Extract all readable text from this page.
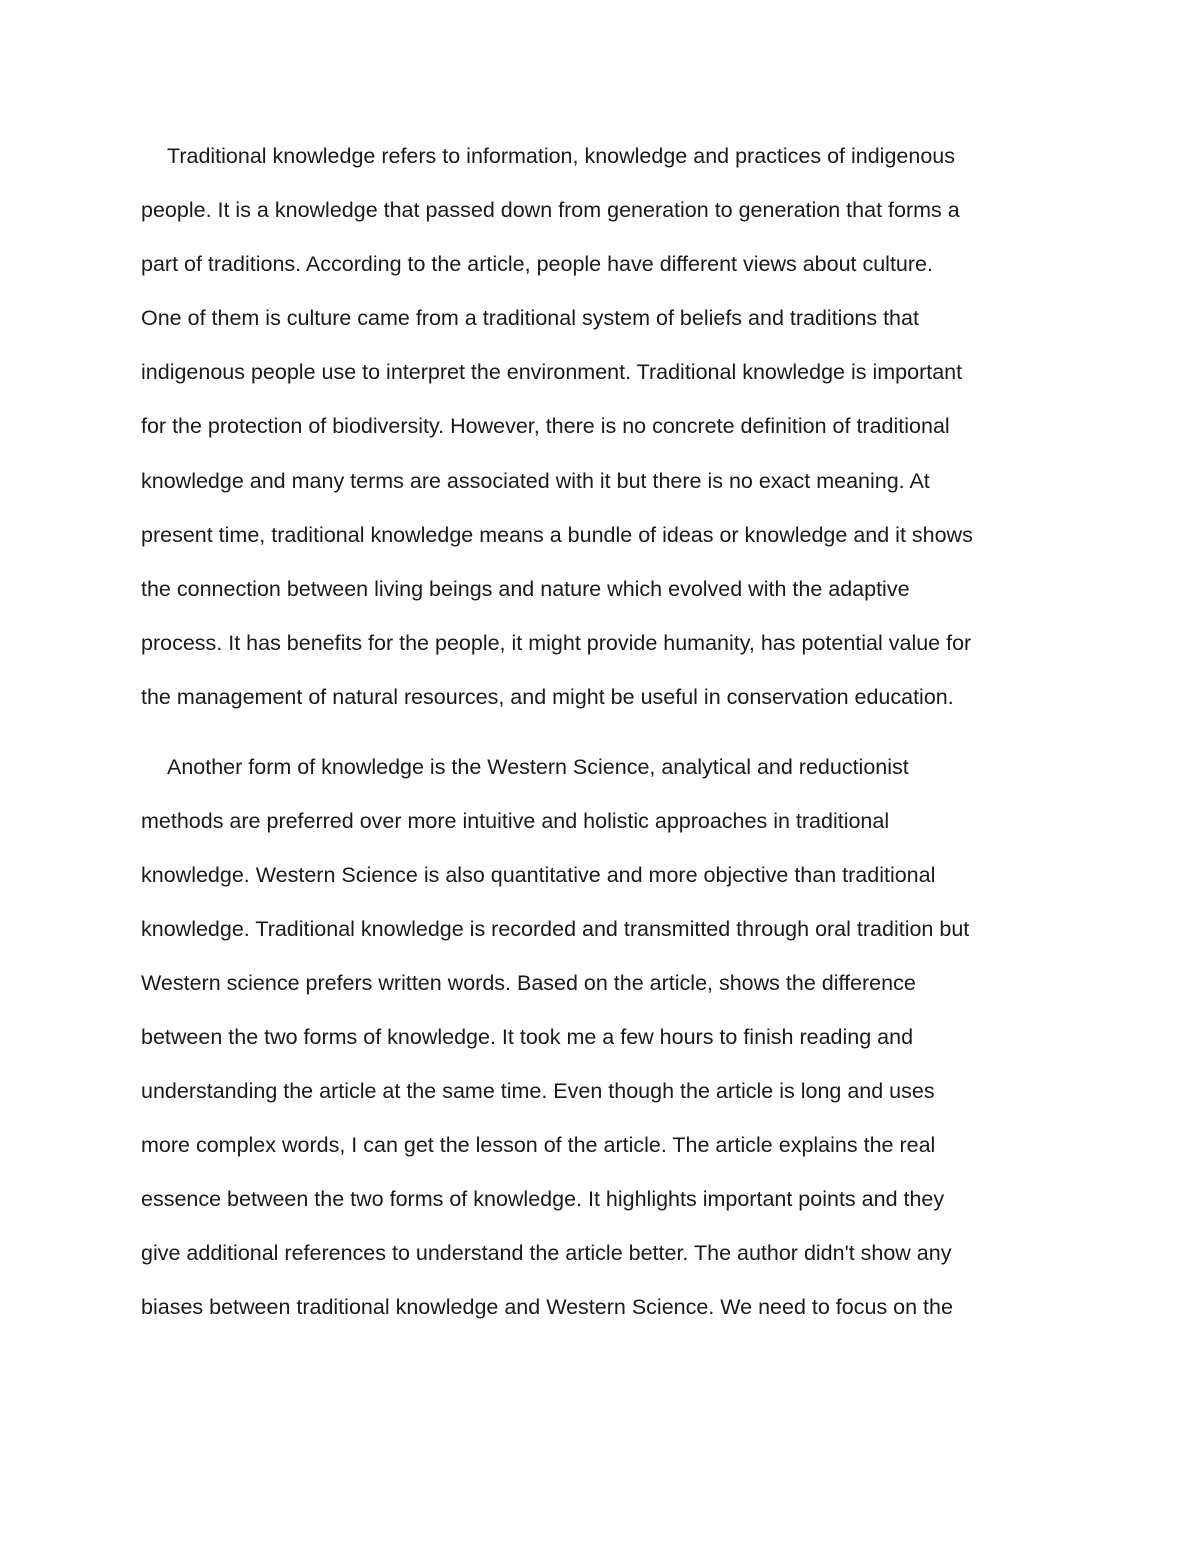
Traditional knowledge refers to information, knowledge and practices of indigenous
people. It is a knowledge that passed down from generation to generation that forms a
part of traditions. According to the article, people have different views about culture.
One of them is culture came from a traditional system of beliefs and traditions that
indigenous people use to interpret the environment. Traditional knowledge is important
for the protection of biodiversity. However, there is no concrete definition of traditional
knowledge and many terms are associated with it but there is no exact meaning. At
present time, traditional knowledge means a bundle of ideas or knowledge and it shows
the connection between living beings and nature which evolved with the adaptive
process. It has benefits for the people, it might provide humanity, has potential value for
the management of natural resources, and might be useful in conservation education.
Another form of knowledge is the Western Science, analytical and reductionist
methods are preferred over more intuitive and holistic approaches in traditional
knowledge. Western Science is also quantitative and more objective than traditional
knowledge. Traditional knowledge is recorded and transmitted through oral tradition but
Western science prefers written words. Based on the article, shows the difference
between the two forms of knowledge. It took me a few hours to finish reading and
understanding the article at the same time. Even though the article is long and uses
more complex words, I can get the lesson of the article. The article explains the real
essence between the two forms of knowledge. It highlights important points and they
give additional references to understand the article better. The author didn't show any
biases between traditional knowledge and Western Science. We need to focus on the
